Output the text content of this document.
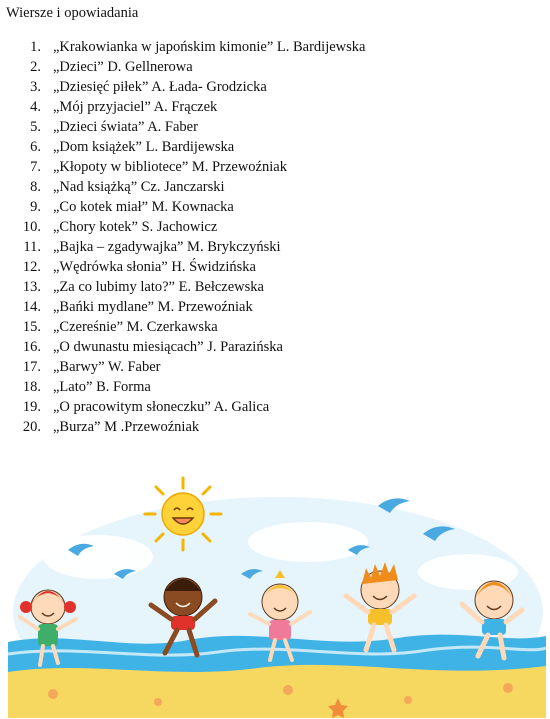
Wiersze i opowiadania
1. „Krakowianka w japońskim kimonie” L. Bardijewska
2. „Dzieci” D. Gellnerowa
3. „Dziesięć piłek” A. Łada- Grodzicka
4. „Mój przyjaciel” A. Frączek
5. „Dzieci świata” A. Faber
6. „Dom książek” L. Bardijewska
7. „Kłopoty w bibliotece” M. Przewoźniak
8. „Nad książką” Cz. Janczarski
9. „Co kotek miał” M. Kownacka
10. „Chory kotek” S. Jachowicz
11. „Bajka – zgadywajka” M. Brykczyński
12. „Wędrówka słonia” H. Świdzińska
13. „Za co lubimy lato?” E. Bełczewska
14. „Bańki mydlane” M. Przewoźniak
15. „Czereśnie” M. Czerkawska
16. „O dwunastu miesiącach” J. Parazińska
17. „Barwy” W. Faber
18. „Lato” B. Forma
19. „O pracowitym słoneczku” A. Galica
20. „Burza” M .Przewoźniak
